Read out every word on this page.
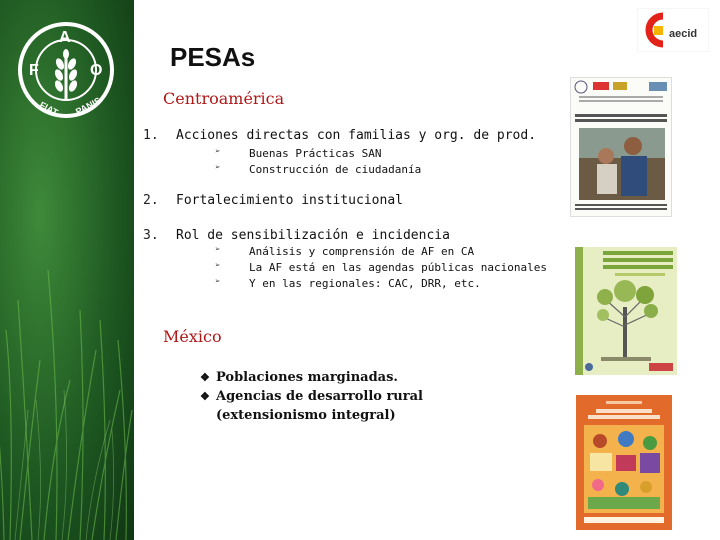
F
A
O
FIAT PANIS
aecid
PESAs
Centroamérica
1. Acciones directas con familias y org. de prod.
➢	Buenas Prácticas SAN
➢	Construcción de ciudadanía
2. Fortalecimiento institucional
3. Rol de sensibilización e incidencia
➢	Análisis y comprensión de AF en CA
➢	La AF está en las agendas públicas nacionales
➢	Y en las regionales: CAC, DRR, etc.
México
❖ Poblaciones marginadas.
❖ Agencias de desarrollo rural
(extensionismo integral)
